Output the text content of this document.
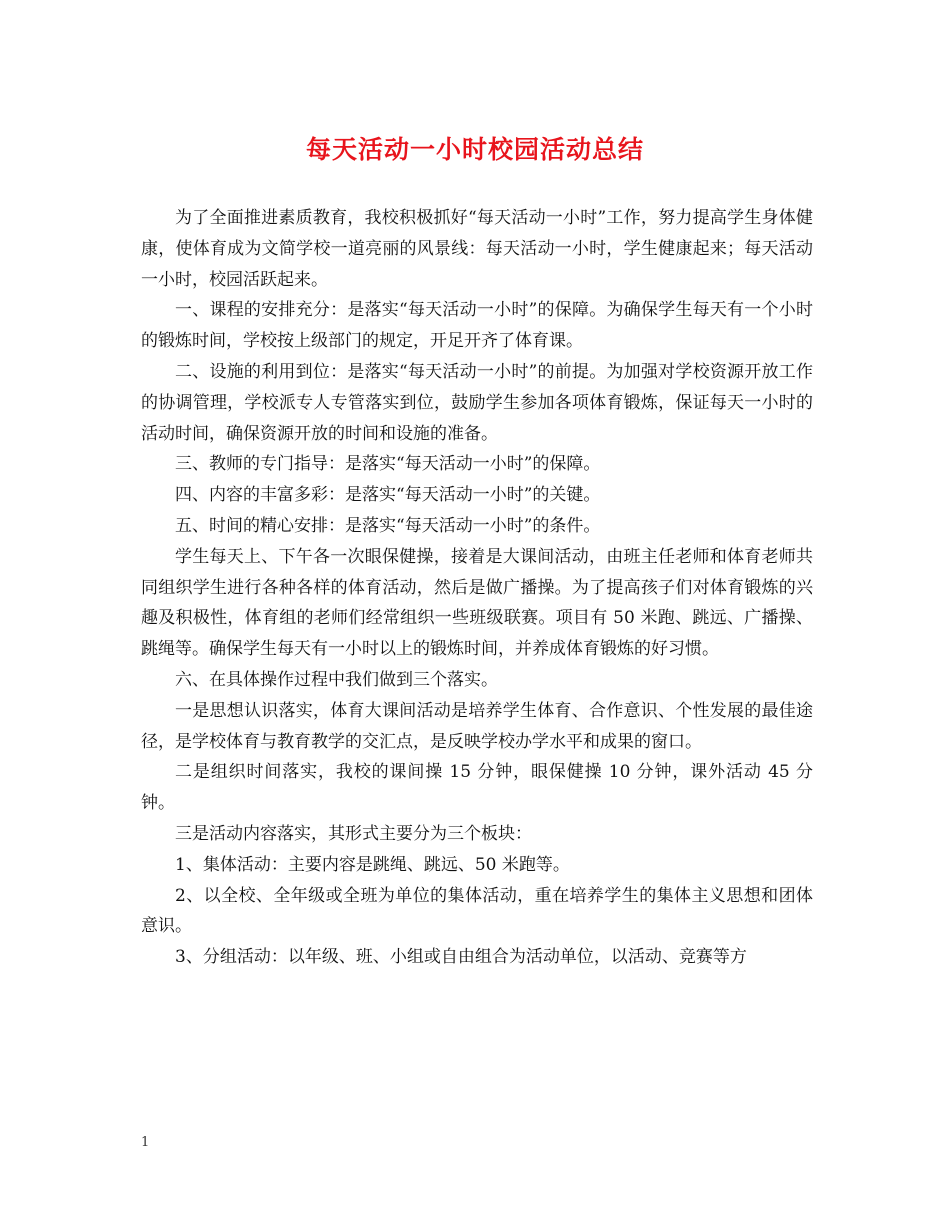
每天活动一小时校园活动总结

为了全面推进素质教育，我校积极抓好“每天活动一小时”工作，努力提高学生身体健康，使体育成为文简学校一道亮丽的风景线：每天活动一小时，学生健康起来；每天活动一小时，校园活跃起来。

一、课程的安排充分：是落实“每天活动一小时”的保障。为确保学生每天有一个小时的锻炼时间，学校按上级部门的规定，开足开齐了体育课。

二、设施的利用到位：是落实“每天活动一小时”的前提。为加强对学校资源开放工作的协调管理，学校派专人专管落实到位，鼓励学生参加各项体育锻炼，保证每天一小时的活动时间，确保资源开放的时间和设施的准备。

三、教师的专门指导：是落实“每天活动一小时”的保障。

四、内容的丰富多彩：是落实“每天活动一小时”的关键。

五、时间的精心安排：是落实“每天活动一小时”的条件。

学生每天上、下午各一次眼保健操，接着是大课间活动，由班主任老师和体育老师共同组织学生进行各种各样的体育活动，然后是做广播操。为了提高孩子们对体育锻炼的兴趣及积极性，体育组的老师们经常组织一些班级联赛。项目有 50 米跑、跳远、广播操、跳绳等。确保学生每天有一小时以上的锻炼时间，并养成体育锻炼的好习惯。

六、在具体操作过程中我们做到三个落实。

一是思想认识落实，体育大课间活动是培养学生体育、合作意识、个性发展的最佳途径，是学校体育与教育教学的交汇点，是反映学校办学水平和成果的窗口。

二是组织时间落实，我校的课间操 15 分钟，眼保健操 10 分钟，课外活动 45 分钟。

三是活动内容落实，其形式主要分为三个板块：

1、集体活动：主要内容是跳绳、跳远、50 米跑等。

2、以全校、全年级或全班为单位的集体活动，重在培养学生的集体主义思想和团体意识。

3、分组活动：以年级、班、小组或自由组合为活动单位，以活动、竞赛等方

1
